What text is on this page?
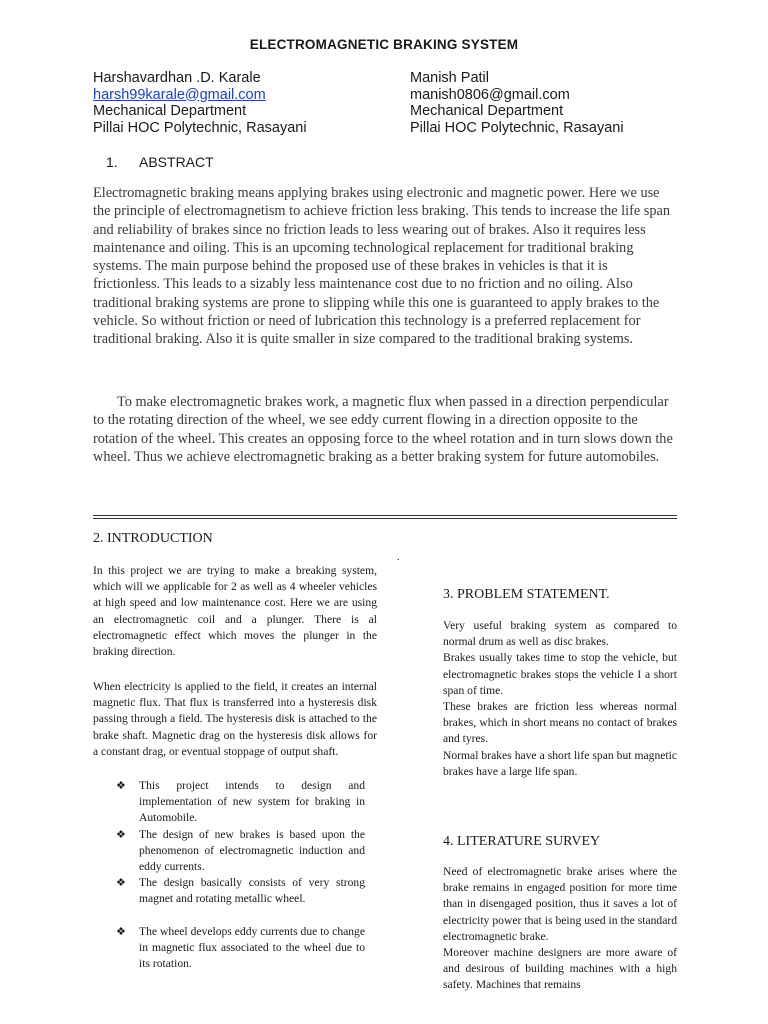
ELECTROMAGNETIC BRAKING SYSTEM
Harshavardhan .D. Karale
harsh99karale@gmail.com
Mechanical Department
Pillai HOC Polytechnic, Rasayani
Manish Patil
manish0806@gmail.com
Mechanical Department
Pillai HOC Polytechnic, Rasayani
1. ABSTRACT
Electromagnetic braking means applying brakes using electronic and magnetic power. Here we use the principle of electromagnetism to achieve friction less braking. This tends to increase the life span and reliability of brakes since no friction leads to less wearing out of brakes. Also it requires less maintenance and oiling. This is an upcoming technological replacement for traditional braking systems. The main purpose behind the proposed use of these brakes in vehicles is that it is frictionless. This leads to a sizably less maintenance cost due to no friction and no oiling. Also traditional braking systems are prone to slipping while this one is guaranteed to apply brakes to the vehicle. So without friction or need of lubrication this technology is a preferred replacement for traditional braking. Also it is quite smaller in size compared to the traditional braking systems.
To make electromagnetic brakes work, a magnetic flux when passed in a direction perpendicular to the rotating direction of the wheel, we see eddy current flowing in a direction opposite to the rotation of the wheel. This creates an opposing force to the wheel rotation and in turn slows down the wheel. Thus we achieve electromagnetic braking as a better braking system for future automobiles.
.
2. INTRODUCTION
In this project we are trying to make a breaking system, which will we applicable for 2 as well as 4 wheeler vehicles at high speed and low maintenance cost. Here we are using an electromagnetic coil and a plunger. There is al electromagnetic effect which moves the plunger in the braking direction.
When electricity is applied to the field, it creates an internal magnetic flux. That flux is transferred into a hysteresis disk passing through a field. The hysteresis disk is attached to the brake shaft. Magnetic drag on the hysteresis disk allows for a constant drag, or eventual stoppage of output shaft.
❖ This project intends to design and implementation of new system for braking in Automobile.
❖ The design of new brakes is based upon the phenomenon of electromagnetic induction and eddy currents.
❖ The design basically consists of very strong magnet and rotating metallic wheel.
❖ The wheel develops eddy currents due to change in magnetic flux associated to the wheel due to its rotation.
3. PROBLEM STATEMENT.

Very useful braking system as compared to normal drum as well as disc brakes.

Brakes usually takes time to stop the vehicle, but electromagnetic brakes stops the vehicle I a short span of time.

These brakes are friction less whereas normal brakes, which in short means no contact of brakes and tyres.

Normal brakes have a short life span but magnetic brakes have a large life span.

4. LITERATURE SURVEY

Need of electromagnetic brake arises where the brake remains in engaged position for more time than in disengaged position, thus it saves a lot of electricity power that is being used in the standard electromagnetic brake.

Moreover machine designers are more aware of and desirous of building machines with a high safety. Machines that remains
